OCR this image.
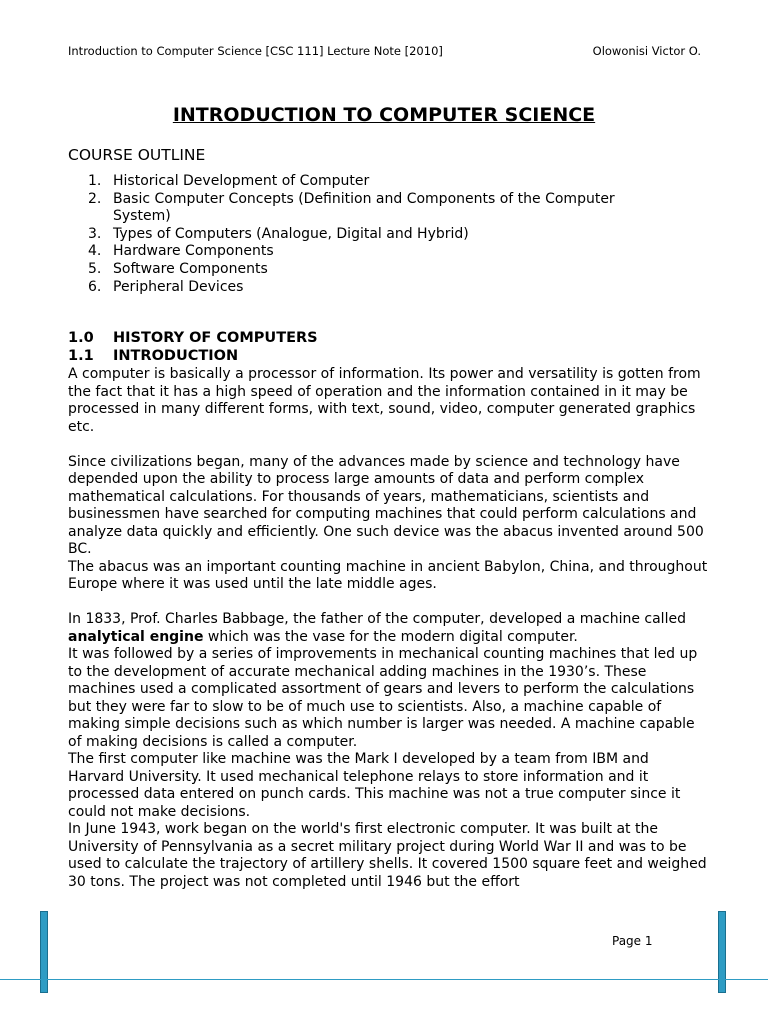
Introduction to Computer Science [CSC 111] Lecture Note [2010]	Olowonisi Victor O.
INTRODUCTION TO COMPUTER SCIENCE
COURSE OUTLINE
1. Historical Development of Computer
2. Basic Computer Concepts (Definition and Components of the Computer System)
3. Types of Computers (Analogue, Digital and Hybrid)
4. Hardware Components
5. Software Components
6. Peripheral Devices
1.0 HISTORY OF COMPUTERS
1.1 INTRODUCTION

A computer is basically a processor of information. Its power and versatility is gotten from the fact that it has a high speed of operation and the information contained in it may be processed in many different forms, with text, sound, video, computer generated graphics etc.

Since civilizations began, many of the advances made by science and technology have depended upon the ability to process large amounts of data and perform complex mathematical calculations. For thousands of years, mathematicians, scientists and businessmen have searched for computing machines that could perform calculations and analyze data quickly and efficiently. One such device was the abacus invented around 500 BC.

The abacus was an important counting machine in ancient Babylon, China, and throughout Europe where it was used until the late middle ages.

In 1833, Prof. Charles Babbage, the father of the computer, developed a machine called analytical engine which was the vase for the modern digital computer.

It was followed by a series of improvements in mechanical counting machines that led up to the development of accurate mechanical adding machines in the 1930’s. These machines used a complicated assortment of gears and levers to perform the calculations but they were far to slow to be of much use to scientists. Also, a machine capable of making simple decisions such as which number is larger was needed. A machine capable of making decisions is called a computer.

The first computer like machine was the Mark I developed by a team from IBM and Harvard University. It used mechanical telephone relays to store information and it processed data entered on punch cards. This machine was not a true computer since it could not make decisions.

In June 1943, work began on the world's first electronic computer. It was built at the University of Pennsylvania as a secret military project during World War II and was to be used to calculate the trajectory of artillery shells. It covered 1500 square feet and weighed 30 tons. The project was not completed until 1946 but the effort

Page 1
